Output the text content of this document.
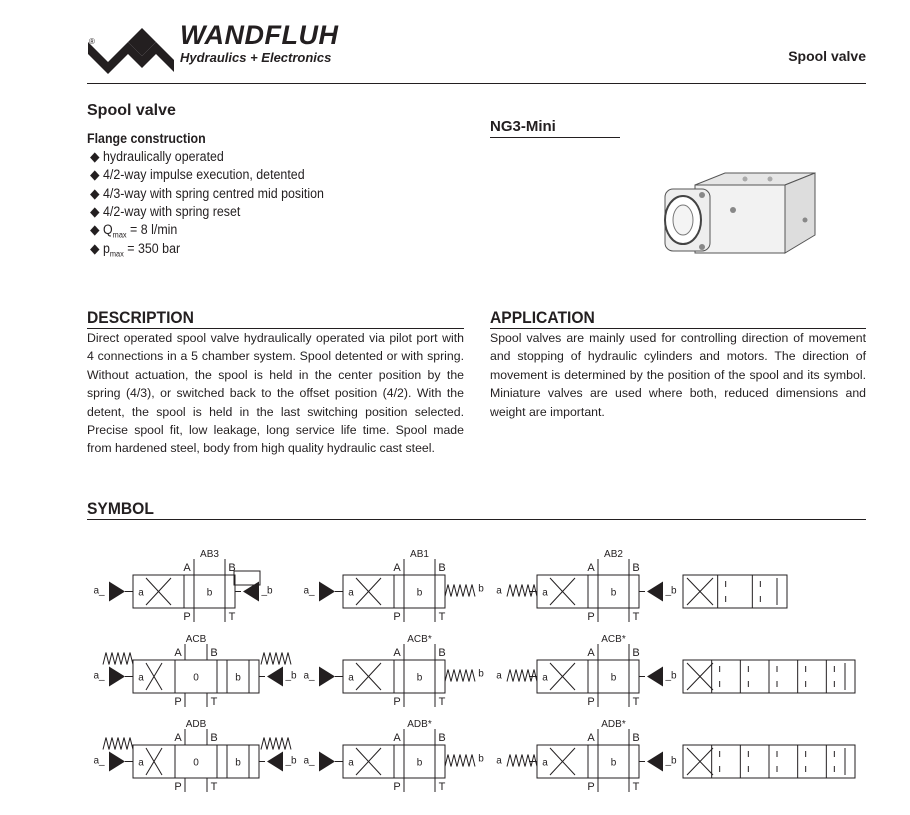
®	WANDFLUH
Hydraulics + Electronics	Spool valve
Spool valve
Flange construction
◆ hydraulically operated
◆ 4/2-way impulse execution, detented
◆ 4/3-way with spring centred mid position
◆ 4/2-way with spring reset
◆ $Q_{max} = 8$ l/min
◆ $p_{max} = 350$ bar
NG3-Mini
DESCRIPTION
Direct operated spool valve hydraulically operated via pilot port with 4 connections in a 5 chamber system. Spool detented or with spring. Without actuation, the spool is held in the center position by the spring (4/3), or switched back to the offset position (4/2). With the detent, the spool is held in the last switching position selected. Precise spool fit, low leakage, long service life time. Spool made from hardened steel, body from high quality hydraulic cast steel.
APPLICATION
Spool valves are mainly used for controlling direction of movement and stopping of hydraulic cylinders and motors. The direction of movement is determined by the position of the spool and its symbol. Miniature valves are used where both, reduced dimensions and weight are important.
SYMBOL
a	b
A	B
P	T
AB3
a_	_b	a	b
A	B
P	T
AB1
a_	b	a	b
A	B
P	T
AB2
a	_b
a	b
0
A	B
P	T
ACB
a_	_b	a	b
A	B
P	T
ACB*
a_	b	a	b
A	B
P	T
ACB*
a	_b
a	b
0
A	B
P	T
ADB
a_	_b	a	b
A	B
P	T
ADB*
a_	b	a	b
A	B
P	T
ADB*
a	_b
